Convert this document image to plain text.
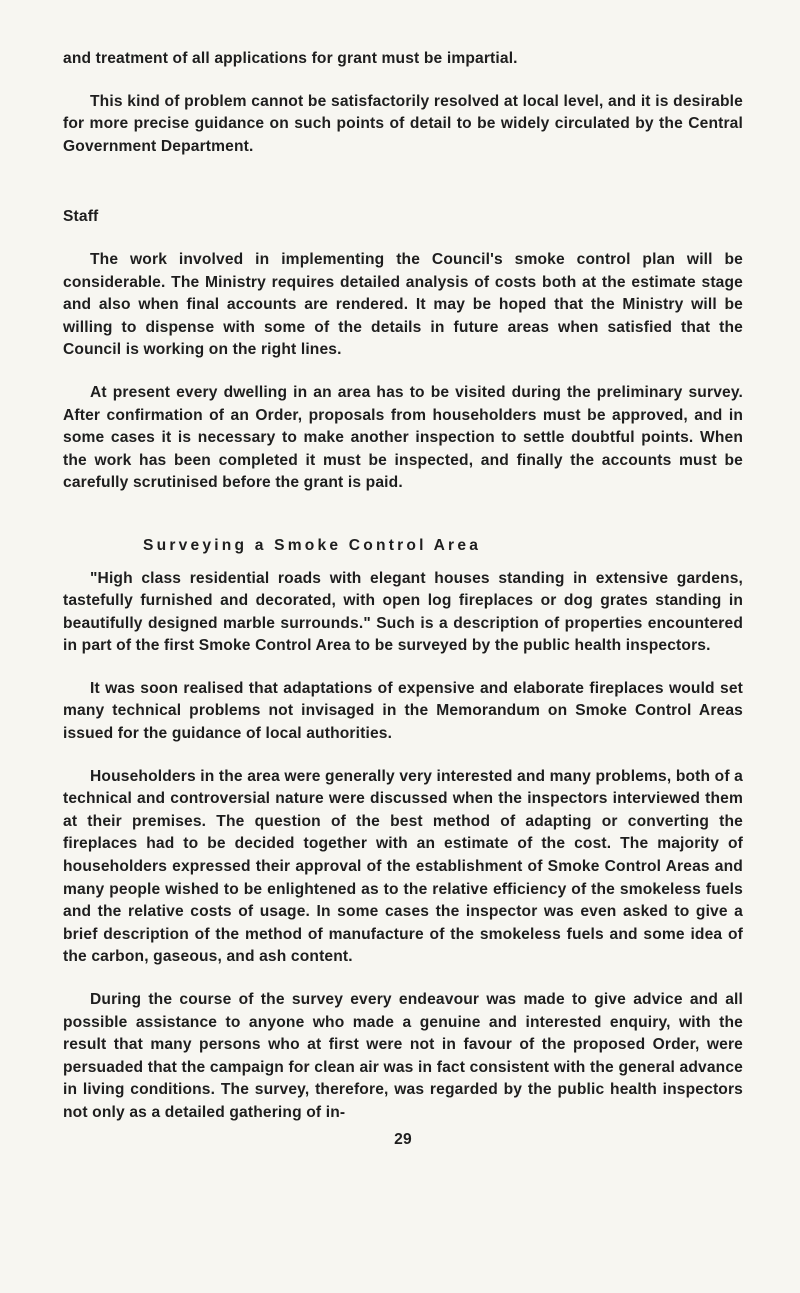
and treatment of all applications for grant must be impartial.

This kind of problem cannot be satisfactorily resolved at local level, and it is desirable for more precise guidance on such points of detail to be widely circulated by the Central Government Department.

Staff

The work involved in implementing the Council's smoke control plan will be considerable. The Ministry requires detailed analysis of costs both at the estimate stage and also when final accounts are rendered. It may be hoped that the Ministry will be willing to dispense with some of the details in future areas when satisfied that the Council is working on the right lines.

At present every dwelling in an area has to be visited during the preliminary survey. After confirmation of an Order, proposals from householders must be approved, and in some cases it is necessary to make another inspection to settle doubtful points. When the work has been completed it must be inspected, and finally the accounts must be carefully scrutinised before the grant is paid.

Surveying a Smoke Control Area

"High class residential roads with elegant houses standing in extensive gardens, tastefully furnished and decorated, with open log fireplaces or dog grates standing in beautifully designed marble surrounds." Such is a description of properties encountered in part of the first Smoke Control Area to be surveyed by the public health inspectors.

It was soon realised that adaptations of expensive and elaborate fireplaces would set many technical problems not invisaged in the Memorandum on Smoke Control Areas issued for the guidance of local authorities.

Householders in the area were generally very interested and many problems, both of a technical and controversial nature were discussed when the inspectors interviewed them at their premises. The question of the best method of adapting or converting the fireplaces had to be decided together with an estimate of the cost. The majority of householders expressed their approval of the establishment of Smoke Control Areas and many people wished to be enlightened as to the relative efficiency of the smokeless fuels and the relative costs of usage. In some cases the inspector was even asked to give a brief description of the method of manufacture of the smokeless fuels and some idea of the carbon, gaseous, and ash content.

During the course of the survey every endeavour was made to give advice and all possible assistance to anyone who made a genuine and interested enquiry, with the result that many persons who at first were not in favour of the proposed Order, were persuaded that the campaign for clean air was in fact consistent with the general advance in living conditions. The survey, therefore, was regarded by the public health inspectors not only as a detailed gathering of in-

29
